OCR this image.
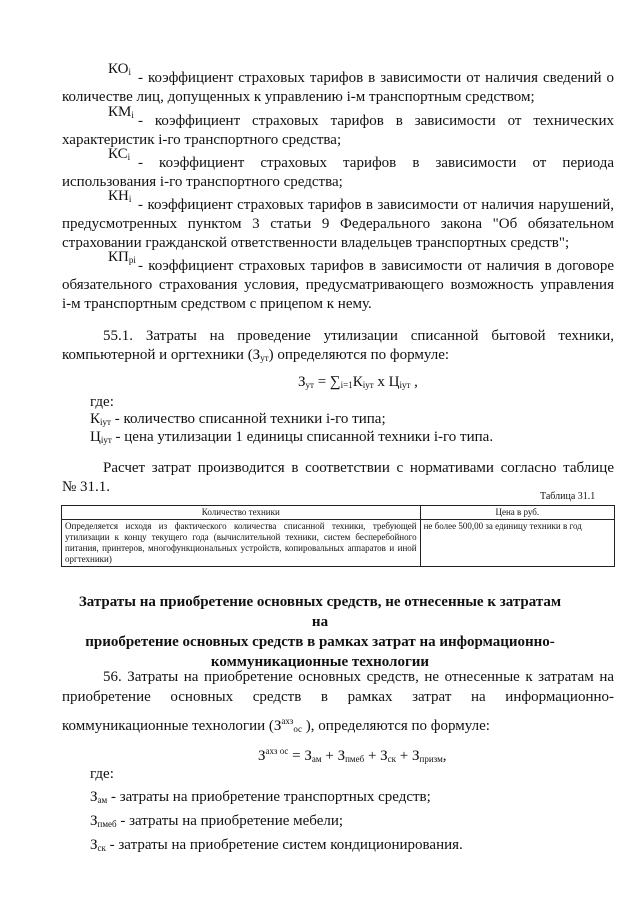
$КО_i$ - коэффициент страховых тарифов в зависимости от наличия сведений о
количестве лиц, допущенных к управлению i-м транспортным средством;
$КМ_i$ - коэффициент страховых тарифов в зависимости от технических
характеристик i-го транспортного средства;
$КС_i$ - коэффициент страховых тарифов в зависимости от периода
использования i-го транспортного средства;
$КН_i$ - коэффициент страховых тарифов в зависимости от наличия нарушений,
предусмотренных пунктом 3 статьи 9 Федерального закона "Об обязательном
страховании гражданской ответственности владельцев транспортных средств";
$КП_{pi}$ - коэффициент страховых тарифов в зависимости от наличия в договоре
обязательного страхования условия, предусматривающего возможность управления
i-м транспортным средством с прицепом к нему.
55.1. Затраты на проведение утилизации списанной бытовой техники,
компьютерной и оргтехники $(З_{ут})$ определяются по формуле:
$З_{ут} = \sum_{i=1}К_{iут}$ x $Ц_{iут}$ ,
где:
$К_{iут}$ - количество списанной техники i-го типа;
$Ц_{iут}$ - цена утилизации 1 единицы списанной техники i-го типа.
Расчет затрат производится в соответствии с нормативами согласно таблице
№ 31.1.
Таблица 31.1
Количество техники	Цена в руб.
Определяется исходя из фактического количества списанной техники, требующей утилизации к концу текущего года (вычислительной техники, систем бесперебойного питания, принтеров, многофункциональных устройств, копировальных аппаратов и иной оргтехники)	не более 500,00 за единицу техники в год
Затраты на приобретение основных средств, не отнесенные к затратам на
приобретение основных средств в рамках затрат на информационно-
коммуникационные технологии
56. Затраты на приобретение основных средств, не отнесенные к затратам на
приобретение основных средств в рамках затрат на информационно-
коммуникационные технологии ($З^{ахз}_{ос}$ ), определяются по формуле:
$З^{ахз ос} = З_{ам} + З_{пмеб} + З_{ск} + З_{призм}$,
где:
$З_{ам}$ - затраты на приобретение транспортных средств;
$З_{пмеб}$ - затраты на приобретение мебели;
$З_{ск}$ - затраты на приобретение систем кондиционирования.
